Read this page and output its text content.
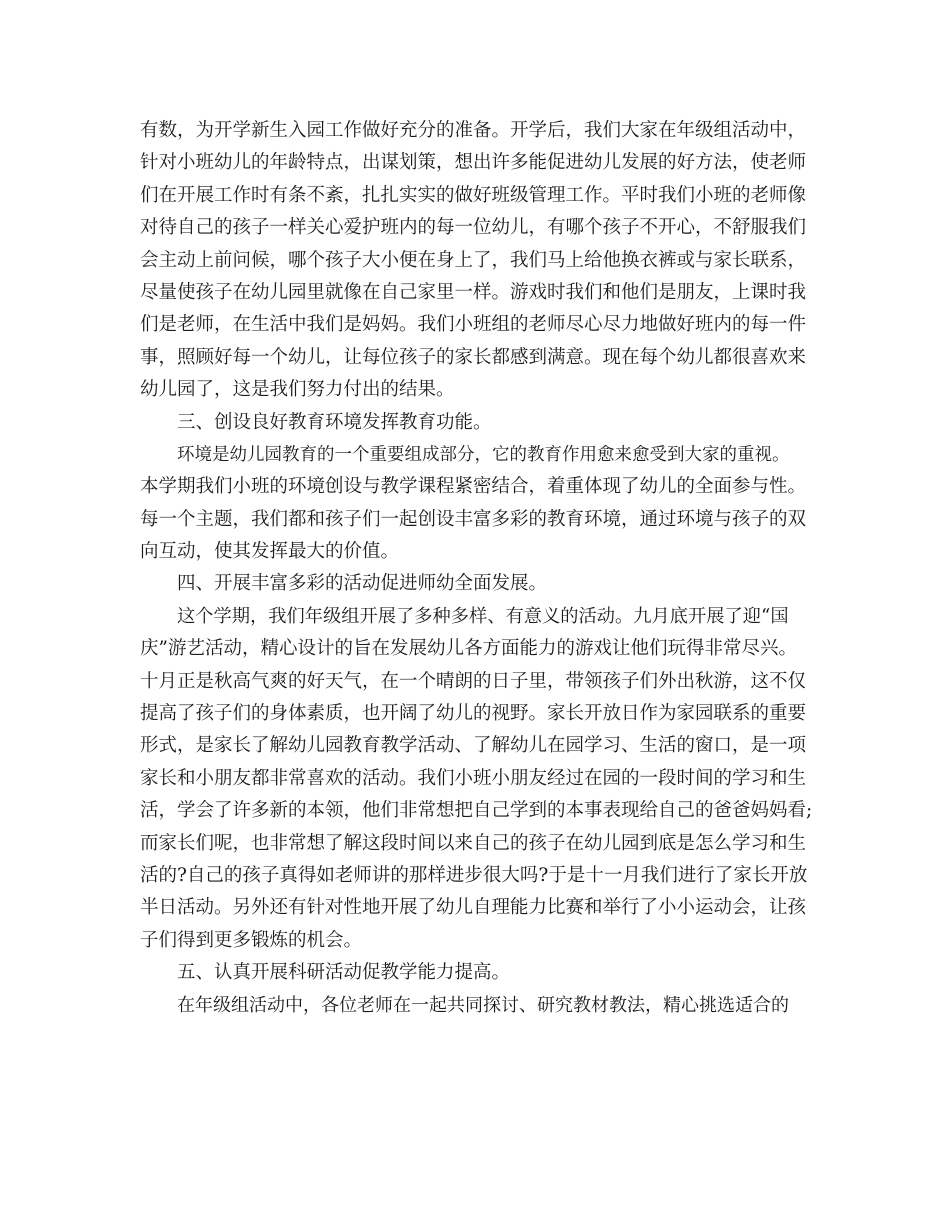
有数，为开学新生入园工作做好充分的准备。开学后，我们大家在年级组活动中，
针对小班幼儿的年龄特点，出谋划策，想出许多能促进幼儿发展的好方法，使老师
们在开展工作时有条不紊，扎扎实实的做好班级管理工作。平时我们小班的老师像
对待自己的孩子一样关心爱护班内的每一位幼儿，有哪个孩子不开心，不舒服我们
会主动上前问候，哪个孩子大小便在身上了，我们马上给他换衣裤或与家长联系，
尽量使孩子在幼儿园里就像在自己家里一样。游戏时我们和他们是朋友，上课时我
们是老师，在生活中我们是妈妈。我们小班组的老师尽心尽力地做好班内的每一件
事，照顾好每一个幼儿，让每位孩子的家长都感到满意。现在每个幼儿都很喜欢来
幼儿园了，这是我们努力付出的结果。
三、创设良好教育环境发挥教育功能。
环境是幼儿园教育的一个重要组成部分，它的教育作用愈来愈受到大家的重视。
本学期我们小班的环境创设与教学课程紧密结合，着重体现了幼儿的全面参与性。
每一个主题，我们都和孩子们一起创设丰富多彩的教育环境，通过环境与孩子的双
向互动，使其发挥最大的价值。
四、开展丰富多彩的活动促进师幼全面发展。
这个学期，我们年级组开展了多种多样、有意义的活动。九月底开展了迎“国
庆”游艺活动，精心设计的旨在发展幼儿各方面能力的游戏让他们玩得非常尽兴。
十月正是秋高气爽的好天气，在一个晴朗的日子里，带领孩子们外出秋游，这不仅
提高了孩子们的身体素质，也开阔了幼儿的视野。家长开放日作为家园联系的重要
形式，是家长了解幼儿园教育教学活动、了解幼儿在园学习、生活的窗口，是一项
家长和小朋友都非常喜欢的活动。我们小班小朋友经过在园的一段时间的学习和生
活，学会了许多新的本领，他们非常想把自己学到的本事表现给自己的爸爸妈妈看;
而家长们呢，也非常想了解这段时间以来自己的孩子在幼儿园到底是怎么学习和生
活的?自己的孩子真得如老师讲的那样进步很大吗?于是十一月我们进行了家长开放
半日活动。另外还有针对性地开展了幼儿自理能力比赛和举行了小小运动会，让孩
子们得到更多锻炼的机会。
五、认真开展科研活动促教学能力提高。
在年级组活动中，各位老师在一起共同探讨、研究教材教法，精心挑选适合的
